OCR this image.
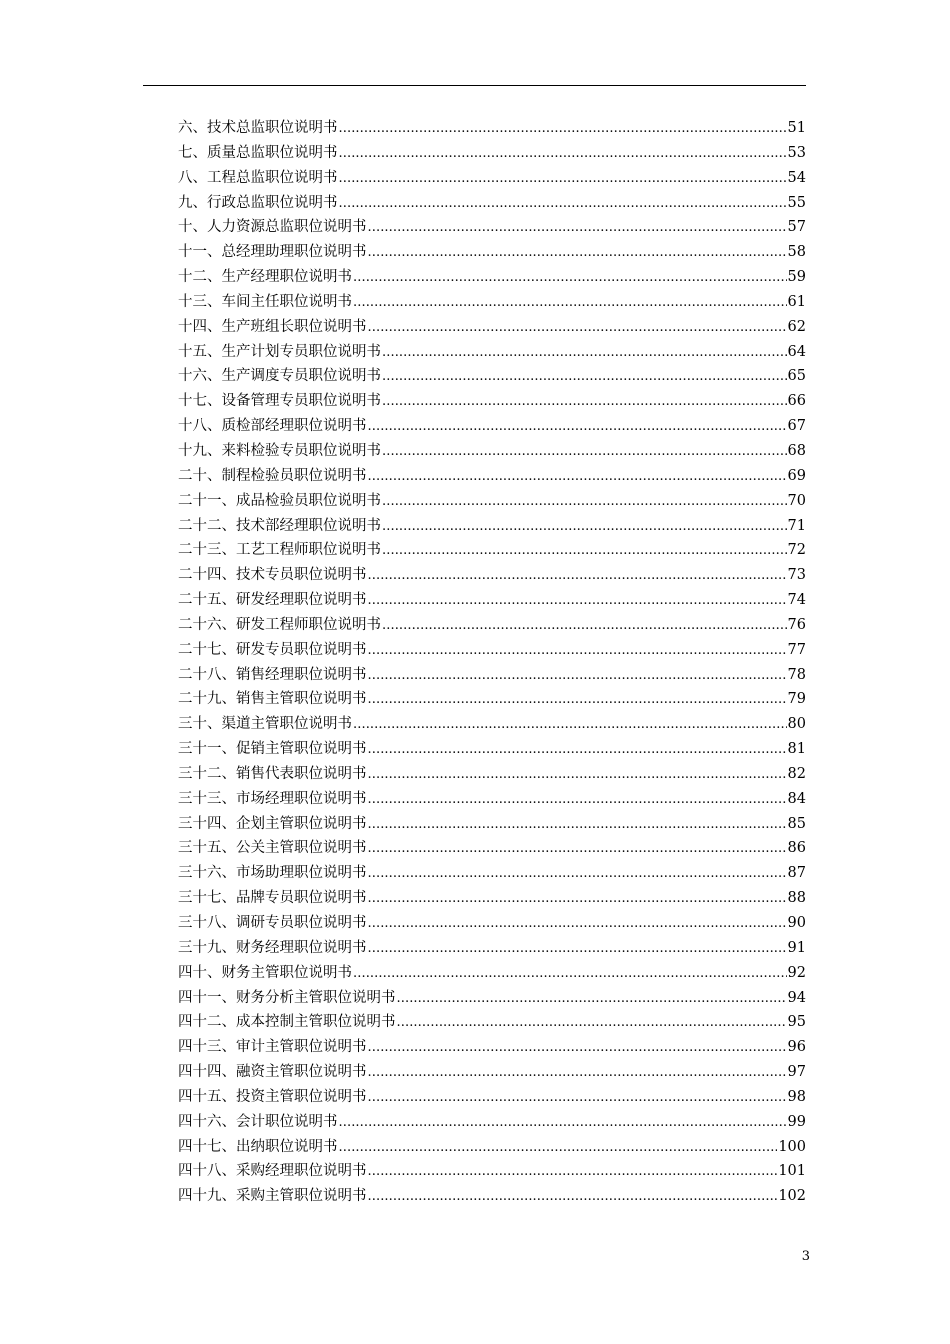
六、技术总监职位说明书 .....	51
七、质量总监职位说明书 .....	53
八、工程总监职位说明书 .....	54
九、行政总监职位说明书 .....	55
十、人力资源总监职位说明书 .....	57
十一、总经理助理职位说明书 .....	58
十二、生产经理职位说明书 .....	59
十三、车间主任职位说明书 .....	61
十四、生产班组长职位说明书 .....	62
十五、生产计划专员职位说明书 .....	64
十六、生产调度专员职位说明书 .....	65
十七、设备管理专员职位说明书 .....	66
十八、质检部经理职位说明书 .....	67
十九、来料检验专员职位说明书 .....	68
二十、制程检验员职位说明书 .....	69
二十一、成品检验员职位说明书 .....	70
二十二、技术部经理职位说明书 .....	71
二十三、工艺工程师职位说明书 .....	72
二十四、技术专员职位说明书 .....	73
二十五、研发经理职位说明书 .....	74
二十六、研发工程师职位说明书 .....	76
二十七、研发专员职位说明书 .....	77
二十八、销售经理职位说明书 .....	78
二十九、销售主管职位说明书 .....	79
三十、渠道主管职位说明书 .....	80
三十一、促销主管职位说明书 .....	81
三十二、销售代表职位说明书 .....	82
三十三、市场经理职位说明书 .....	84
三十四、企划主管职位说明书 .....	85
三十五、公关主管职位说明书 .....	86
三十六、市场助理职位说明书 .....	87
三十七、品牌专员职位说明书 .....	88
三十八、调研专员职位说明书 .....	90
三十九、财务经理职位说明书 .....	91
四十、财务主管职位说明书 .....	92
四十一、财务分析主管职位说明书 .....	94
四十二、成本控制主管职位说明书 .....	95
四十三、审计主管职位说明书 .....	96
四十四、融资主管职位说明书 .....	97
四十五、投资主管职位说明书 .....	98
四十六、会计职位说明书 .....	99
四十七、出纳职位说明书 .....	100
四十八、采购经理职位说明书 .....	101
四十九、采购主管职位说明书 .....	102
3
